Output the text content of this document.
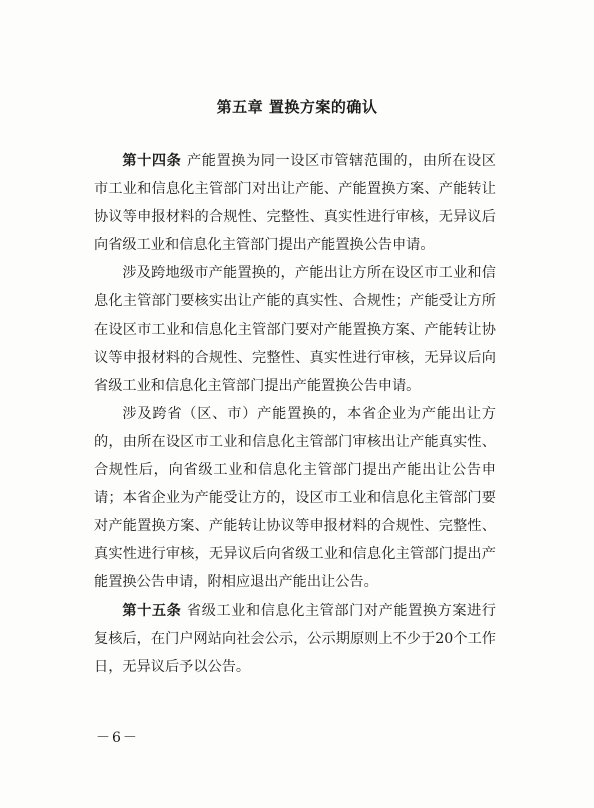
第五章 置换方案的确认

第十四条 产能置换为同一设区市管辖范围的，由所在设区市工业和信息化主管部门对出让产能、产能置换方案、产能转让协议等申报材料的合规性、完整性、真实性进行审核，无异议后向省级工业和信息化主管部门提出产能置换公告申请。

涉及跨地级市产能置换的，产能出让方所在设区市工业和信息化主管部门要核实出让产能的真实性、合规性；产能受让方所在设区市工业和信息化主管部门要对产能置换方案、产能转让协议等申报材料的合规性、完整性、真实性进行审核，无异议后向省级工业和信息化主管部门提出产能置换公告申请。

涉及跨省（区、市）产能置换的，本省企业为产能出让方的，由所在设区市工业和信息化主管部门审核出让产能真实性、合规性后，向省级工业和信息化主管部门提出产能出让公告申请；本省企业为产能受让方的，设区市工业和信息化主管部门要对产能置换方案、产能转让协议等申报材料的合规性、完整性、真实性进行审核，无异议后向省级工业和信息化主管部门提出产能置换公告申请，附相应退出产能出让公告。

第十五条 省级工业和信息化主管部门对产能置换方案进行复核后，在门户网站向社会公示，公示期原则上不少于20个工作日，无异议后予以公告。

－6－
